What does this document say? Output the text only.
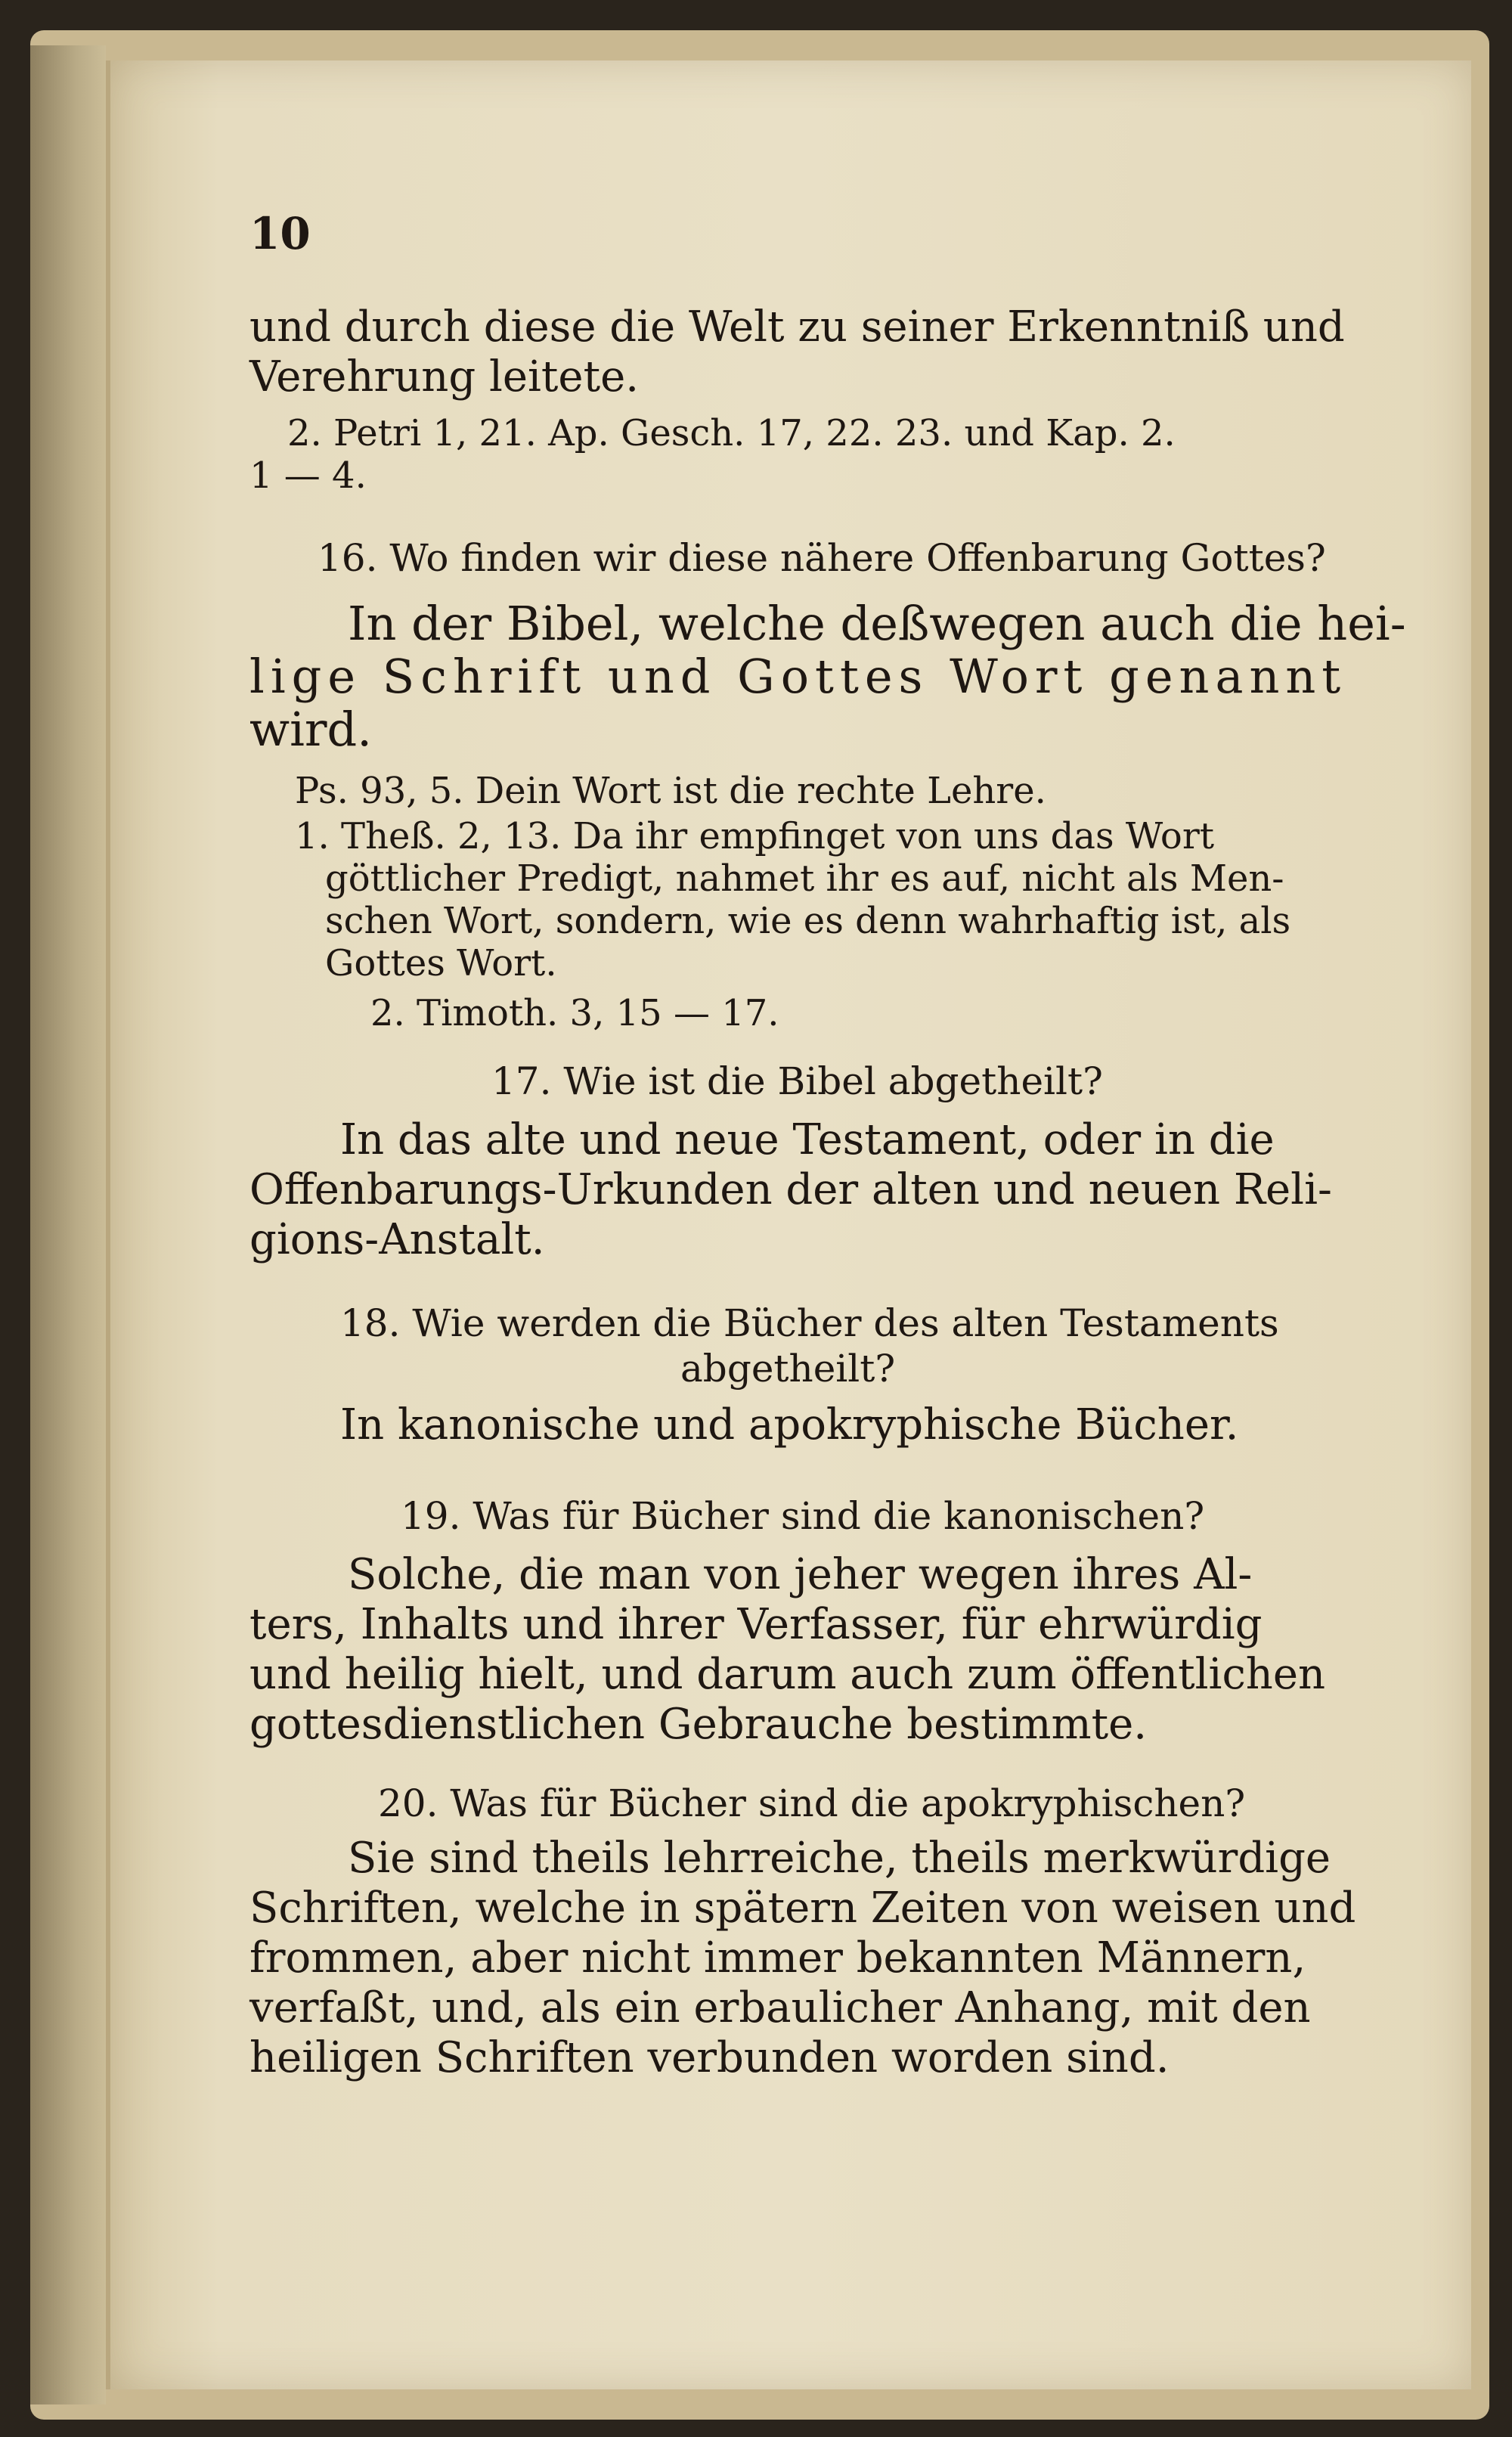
10
und durch diese die Welt zu seiner Erkenntniß und
Verehrung leitete.
2. Petri 1, 21. Ap. Gesch. 17, 22. 23. und Kap. 2.
1 — 4.
16. Wo finden wir diese nähere Offenbarung Gottes?
In der Bibel, welche deßwegen auch die hei-
lige Schrift und Gottes Wort genannt
wird.
Ps. 93, 5. Dein Wort ist die rechte Lehre.
1. Theß. 2, 13. Da ihr empfinget von uns das Wort
göttlicher Predigt, nahmet ihr es auf, nicht als Men-
schen Wort, sondern, wie es denn wahrhaftig ist, als
Gottes Wort.
2. Timoth. 3, 15 — 17.
17. Wie ist die Bibel abgetheilt?
In das alte und neue Testament, oder in die
Offenbarungs-Urkunden der alten und neuen Reli-
gions-Anstalt.
18. Wie werden die Bücher des alten Testaments
abgetheilt?
In kanonische und apokryphische Bücher.
19. Was für Bücher sind die kanonischen?
Solche, die man von jeher wegen ihres Al-
ters, Inhalts und ihrer Verfasser, für ehrwürdig
und heilig hielt, und darum auch zum öffentlichen
gottesdienstlichen Gebrauche bestimmte.
20. Was für Bücher sind die apokryphischen?
Sie sind theils lehrreiche, theils merkwürdige
Schriften, welche in spätern Zeiten von weisen und
frommen, aber nicht immer bekannten Männern,
verfaßt, und, als ein erbaulicher Anhang, mit den
heiligen Schriften verbunden worden sind.
